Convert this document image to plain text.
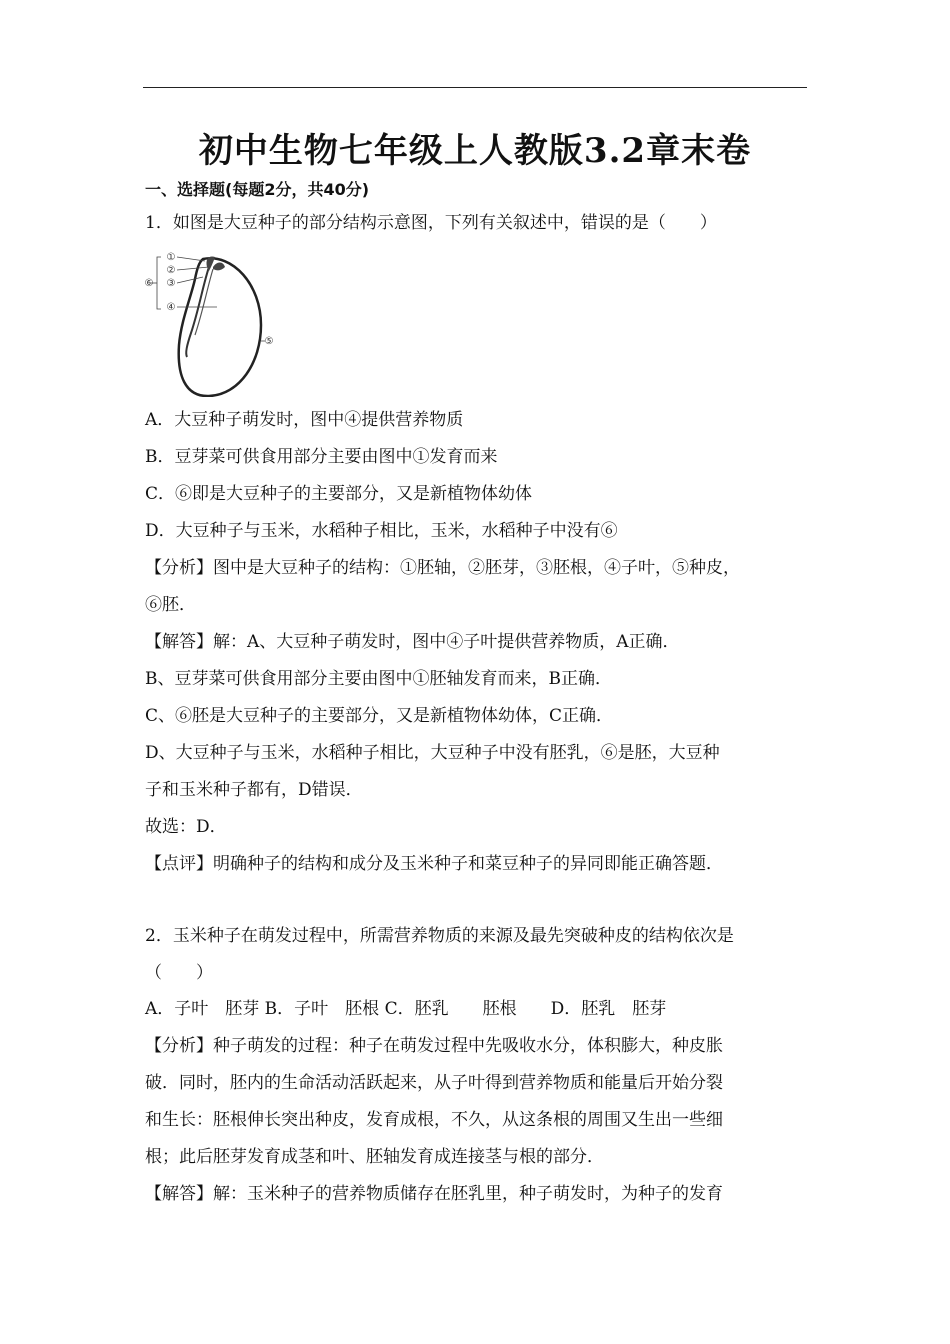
初中生物七年级上人教版3.2章末卷
一、选择题(每题2分，共40分)
1．如图是大豆种子的部分结构示意图，下列有关叙述中，错误的是（　　）
①
②
③
④
⑤
⑥
A．大豆种子萌发时，图中④提供营养物质
B．豆芽菜可供食用部分主要由图中①发育而来
C．⑥即是大豆种子的主要部分，又是新植物体幼体
D．大豆种子与玉米，水稻种子相比，玉米，水稻种子中没有⑥
【分析】图中是大豆种子的结构：①胚轴，②胚芽，③胚根，④子叶，⑤种皮，
⑥胚．
【解答】解：A、大豆种子萌发时，图中④子叶提供营养物质，A正确．
B、豆芽菜可供食用部分主要由图中①胚轴发育而来，B正确．
C、⑥胚是大豆种子的主要部分，又是新植物体幼体，C正确．
D、大豆种子与玉米，水稻种子相比，大豆种子中没有胚乳，⑥是胚，大豆种
子和玉米种子都有，D错误．
故选：D．
【点评】明确种子的结构和成分及玉米种子和菜豆种子的异同即能正确答题．
2．玉米种子在萌发过程中，所需营养物质的来源及最先突破种皮的结构依次是
（　　）
A．子叶　胚芽 B．子叶　胚根 C．胚乳　　胚根　　D．胚乳　胚芽
【分析】种子萌发的过程：种子在萌发过程中先吸收水分，体积膨大，种皮胀
破．同时，胚内的生命活动活跃起来，从子叶得到营养物质和能量后开始分裂
和生长：胚根伸长突出种皮，发育成根，不久，从这条根的周围又生出一些细
根；此后胚芽发育成茎和叶、胚轴发育成连接茎与根的部分．
【解答】解：玉米种子的营养物质储存在胚乳里，种子萌发时，为种子的发育
